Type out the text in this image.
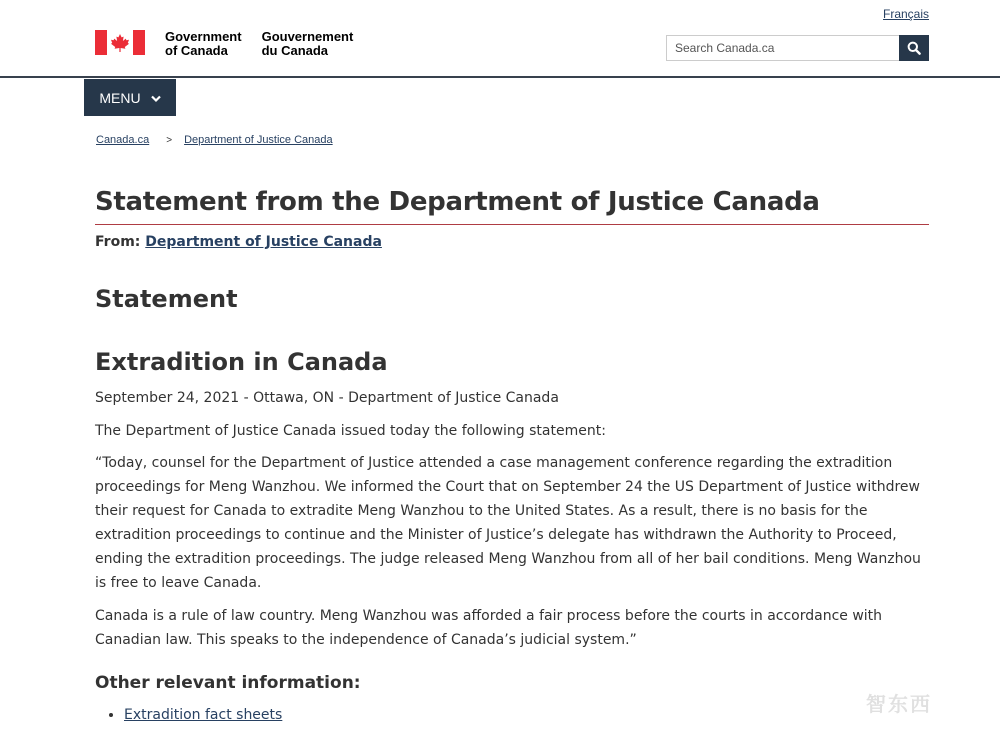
Français
Government
of Canada
Gouvernement
du Canada	Search Canada.ca
MENU
Canada.ca > Department of Justice Canada
Statement from the Department of Justice Canada
From: Department of Justice Canada
Statement
Extradition in Canada

September 24, 2021 - Ottawa, ON - Department of Justice Canada

The Department of Justice Canada issued today the following statement:

“Today, counsel for the Department of Justice attended a case management conference regarding the extradition proceedings for Meng Wanzhou. We informed the Court that on September 24 the US Department of Justice withdrew their request for Canada to extradite Meng Wanzhou to the United States. As a result, there is no basis for the extradition proceedings to continue and the Minister of Justice’s delegate has withdrawn the Authority to Proceed, ending the extradition proceedings. The judge released Meng Wanzhou from all of her bail conditions. Meng Wanzhou is free to leave Canada.

Canada is a rule of law country. Meng Wanzhou was afforded a fair process before the courts in accordance with Canadian law. This speaks to the independence of Canada’s judicial system.”

Other relevant information:
• Extradition fact sheets	智东西
